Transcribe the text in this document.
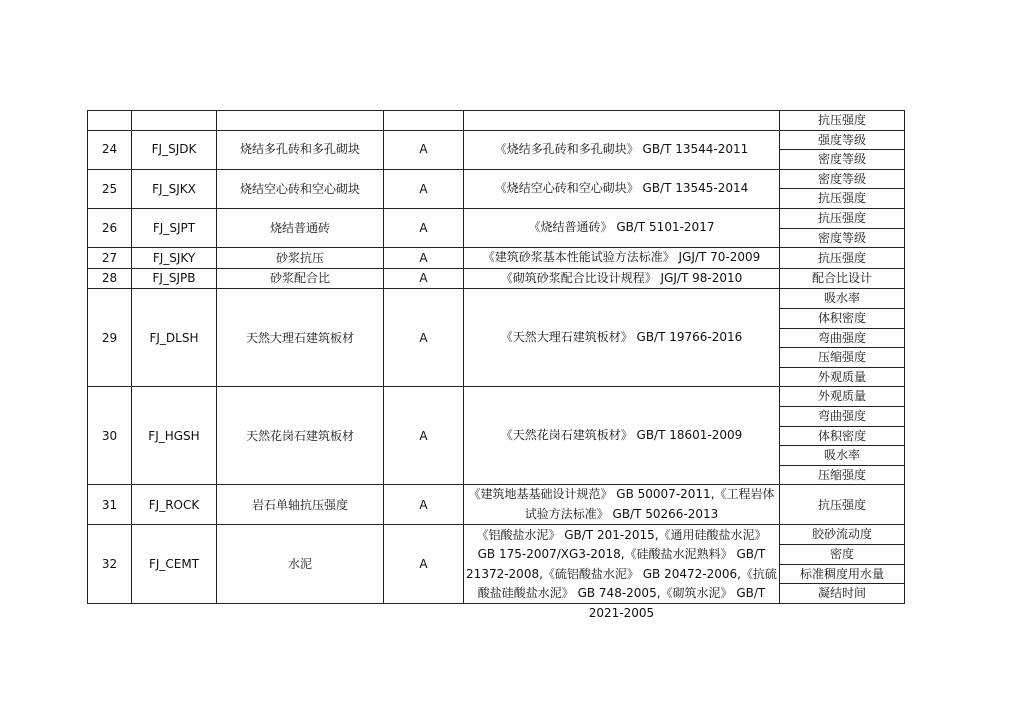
					抗压强度
24	FJ_SJDK	烧结多孔砖和多孔砌块	A	《烧结多孔砖和多孔砌块》 GB/T 13544-2011	强度等级
					密度等级
25	FJ_SJKX	烧结空心砖和空心砌块	A	《烧结空心砖和空心砌块》 GB/T 13545-2014	密度等级
					抗压强度
26	FJ_SJPT	烧结普通砖	A	《烧结普通砖》 GB/T 5101-2017	抗压强度
					密度等级
27	FJ_SJKY	砂浆抗压	A	《建筑砂浆基本性能试验方法标准》 JGJ/T 70-2009	抗压强度
28	FJ_SJPB	砂浆配合比	A	《砌筑砂浆配合比设计规程》 JGJ/T 98-2010	配合比设计
29	FJ_DLSH	天然大理石建筑板材	A	《天然大理石建筑板材》 GB/T 19766-2016	吸水率
					体积密度
					弯曲强度
					压缩强度
					外观质量
30	FJ_HGSH	天然花岗石建筑板材	A	《天然花岗石建筑板材》 GB/T 18601-2009	外观质量
					弯曲强度
					体积密度
					吸水率
					压缩强度
31	FJ_ROCK	岩石单轴抗压强度	A	《建筑地基基础设计规范》 GB 50007-2011,《工程岩体试验方法标准》 GB/T 50266-2013	抗压强度
32	FJ_CEMT	水泥	A	《铝酸盐水泥》 GB/T 201-2015,《通用硅酸盐水泥》 GB 175-2007/XG3-2018,《硅酸盐水泥熟料》 GB/T 21372-2008,《硫铝酸盐水泥》 GB 20472-2006,《抗硫酸盐硅酸盐水泥》 GB 748-2005,《砌筑水泥》 GB/T 2021-2005	胶砂流动度
					密度
					标准稠度用水量
					凝结时间
